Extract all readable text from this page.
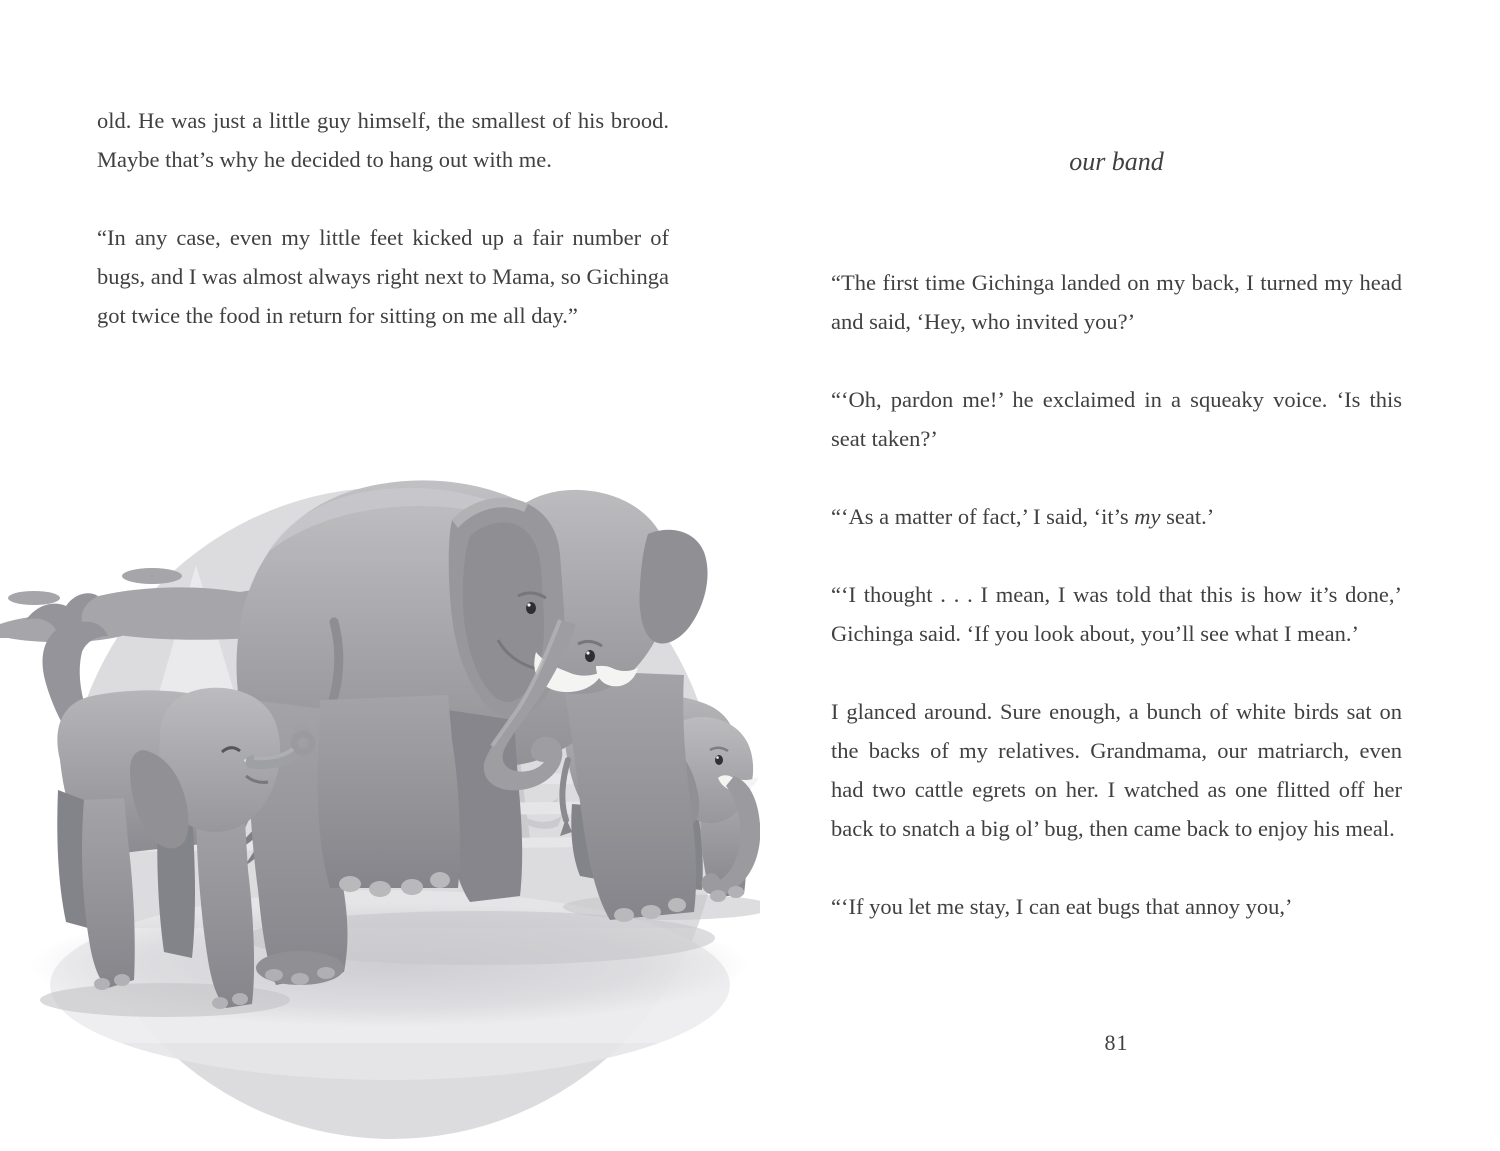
old. He was just a little guy himself, the smallest of his brood. Maybe that’s why he decided to hang out with me.

“In any case, even my little feet kicked up a fair number of bugs, and I was almost always right next to Mama, so Gichinga got twice the food in return for sitting on me all day.”

our band

“The first time Gichinga landed on my back, I turned my head and said, ‘Hey, who invited you?’

“‘Oh, pardon me!’ he exclaimed in a squeaky voice. ‘Is this seat taken?’

“‘As a matter of fact,’ I said, ‘it’s my seat.’

“‘I thought . . . I mean, I was told that this is how it’s done,’ Gichinga said. ‘If you look about, you’ll see what I mean.’

I glanced around. Sure enough, a bunch of white birds sat on the backs of my relatives. Grandmama, our matriarch, even had two cattle egrets on her. I watched as one flitted off her back to snatch a big ol’ bug, then came back to enjoy his meal.

“‘If you let me stay, I can eat bugs that annoy you,’

81
